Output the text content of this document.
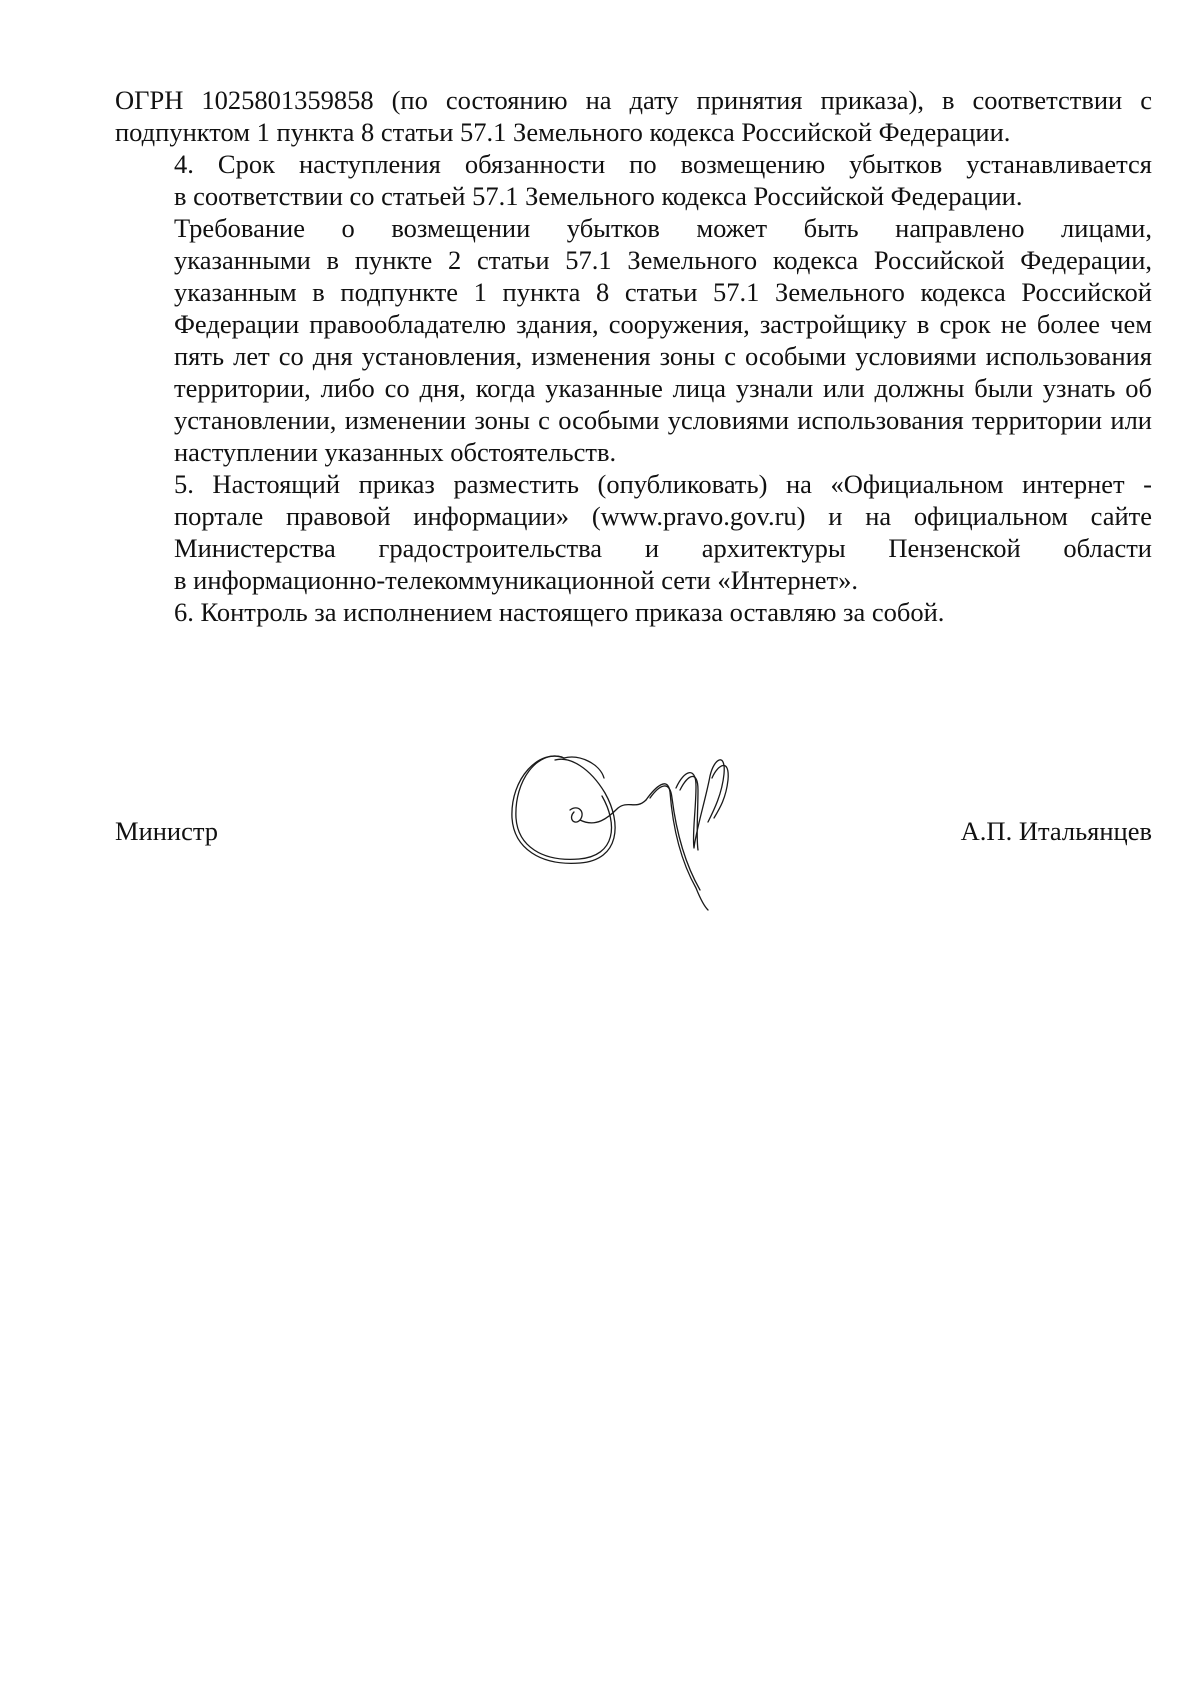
ОГРН 1025801359858 (по состоянию на дату принятия приказа), в соответствии с
подпунктом 1 пункта 8 статьи 57.1 Земельного кодекса Российской Федерации.

4. Срок наступления обязанности по возмещению убытков устанавливается
в соответствии со статьей 57.1 Земельного кодекса Российской Федерации.

Требование о возмещении убытков может быть направлено лицами,
указанными в пункте 2 статьи 57.1 Земельного кодекса Российской Федерации,
указанным в подпункте 1 пункта 8 статьи 57.1 Земельного кодекса Российской
Федерации правообладателю здания, сооружения, застройщику в срок не более чем
пять лет со дня установления, изменения зоны с особыми условиями использования
территории, либо со дня, когда указанные лица узнали или должны были узнать об
установлении, изменении зоны с особыми условиями использования территории или
наступлении указанных обстоятельств.

5. Настоящий приказ разместить (опубликовать) на «Официальном интернет -
портале правовой информации» (www.pravo.gov.ru) и на официальном сайте
Министерства градостроительства и архитектуры Пензенской области
в информационно-телекоммуникационной сети «Интернет».

6. Контроль за исполнением настоящего приказа оставляю за собой.

Министр	А.П. Итальянцев
